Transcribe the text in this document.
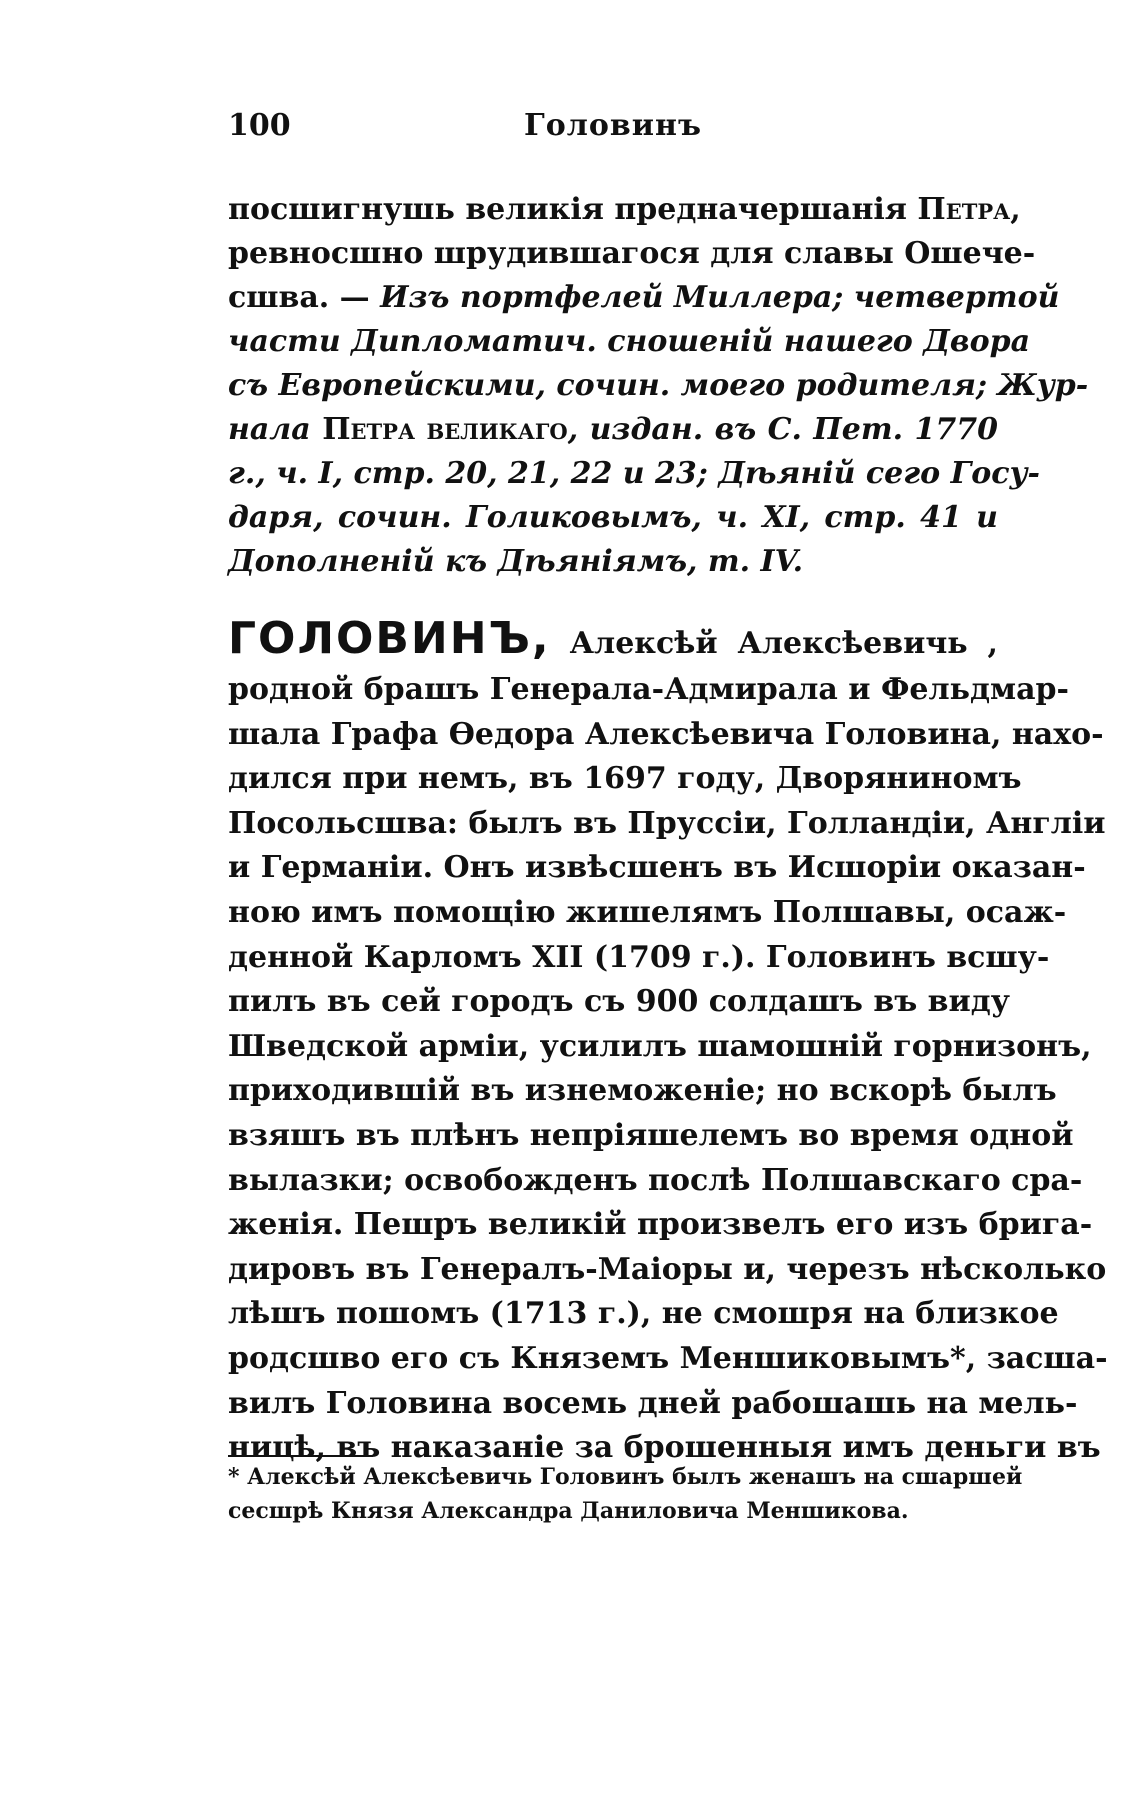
100	Головинъ
посшигнушь великія предначершанія Петра,
ревносшно шрудившагося для славы Ошече-
сшва. — Изъ портфелей Миллера; четвертой
части Дипломатич. сношеній нашего Двора
съ Европейскими, сочин. моего родителя; Жур-
нала Петра великаго, издан. въ С. Пет. 1770
г., ч. I, стр. 20, 21, 22 и 23; Дѣяній сего Госу-
даря, сочин. Голиковымъ, ч. XI, стр. 41 и
Дополненій къ Дѣяніямъ, т. IV.
ГОЛОВИНЪ, Алексѣй Алексѣевичь ,
родной брашъ Генерала-Адмирала и Фельдмар-
шала Графа Ѳедора Алексѣевича Головина, нахо-
дился при немъ, въ 1697 году, Дворяниномъ
Посольсшва: былъ въ Пруссіи, Голландіи, Англіи
и Германіи. Онъ извѣсшенъ въ Исшоріи оказан-
ною имъ помощію жишелямъ Полшавы, осаж-
денной Карломъ XII (1709 г.). Головинъ всшу-
пилъ въ сей городъ съ 900 солдашъ въ виду
Шведской арміи, усилилъ шамошній горнизонъ,
приходившій въ изнеможеніе; но вскорѣ былъ
взяшъ въ плѣнъ непріяшелемъ во время одной
вылазки; освобожденъ послѣ Полшавскаго сра-
женія. Пешръ великій произвелъ его изъ бригa-
дировъ въ Генералъ-Маіоры и, черезъ нѣсколько
лѣшъ пошомъ (1713 г.), не смошря на близкое
родсшво его съ Княземъ Меншиковымъ*, засша-
вилъ Головина восемь дней рабошашь на мель-
ницѣ, въ наказаніе за брошенныя имъ деньги въ
* Алексѣй Алексѣевичь Головинъ былъ женашъ на сшаршей
сесшрѣ Князя Александра Даниловича Меншикова.
